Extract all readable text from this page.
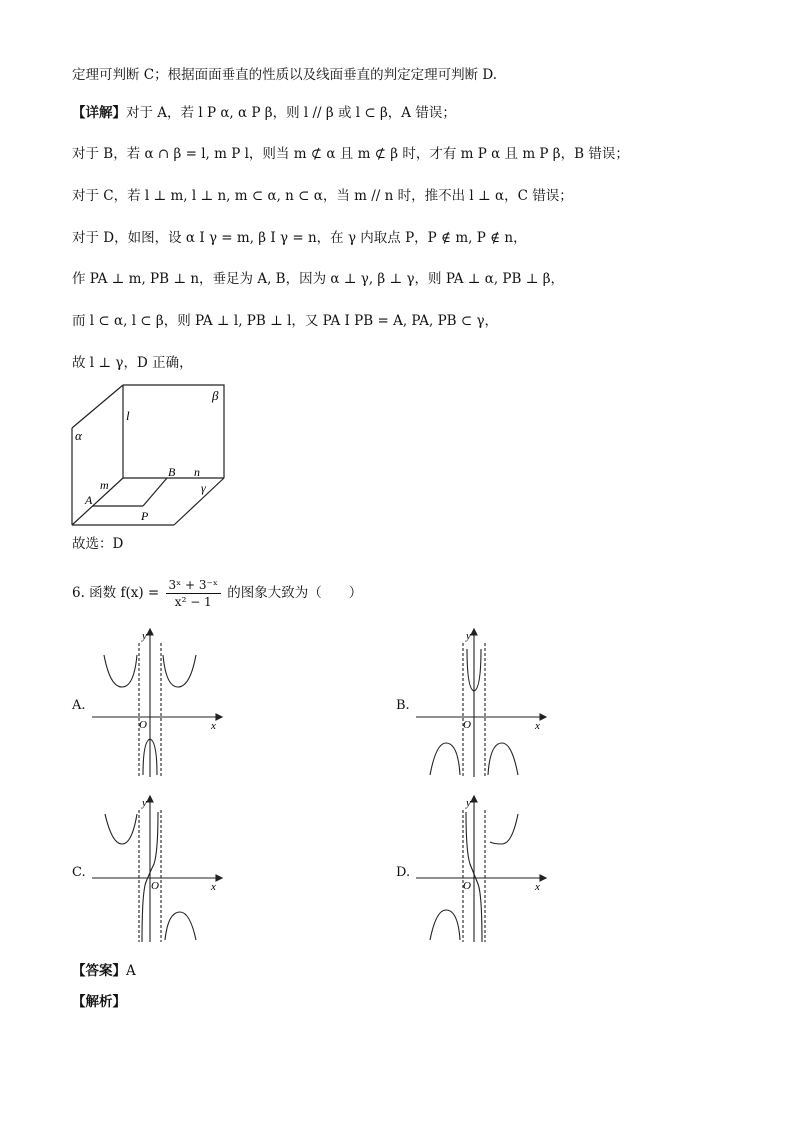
定理可判断 C；根据面面垂直的性质以及线面垂直的判定定理可判断 D.
【详解】对于 A，若 l P α, α P β，则 l // β 或 l ⊂ β，A 错误；
对于 B，若 α ∩ β = l, m P l，则当 m ⊄ α 且 m ⊄ β 时，才有 m P α 且 m P β，B 错误；
对于 C，若 l ⊥ m, l ⊥ n, m ⊂ α, n ⊂ α，当 m // n 时，推不出 l ⊥ α，C 错误；
对于 D，如图，设 α I γ = m, β I γ = n，在 γ 内取点 P，P ∉ m, P ∉ n，
作 PA ⊥ m, PB ⊥ n，垂足为 A, B，因为 α ⊥ γ, β ⊥ γ，则 PA ⊥ α, PB ⊥ β，
而 l ⊂ α, l ⊂ β，则 PA ⊥ l, PB ⊥ l，又 PA I PB = A, PA, PB ⊂ γ，
故 l ⊥ γ，D 正确，
β
l
α
B n
m	γ
A
P
故选：D
6. 函数 $f(x) = \frac{\text{3ˣ + 3⁻ˣ}}{\text{x² − 1}}$ 的图象大致为（　　）
A.	B.
C.	D.
y
x
O
y
x
O
y
x
O
y
x
O
【答案】A
【解析】
